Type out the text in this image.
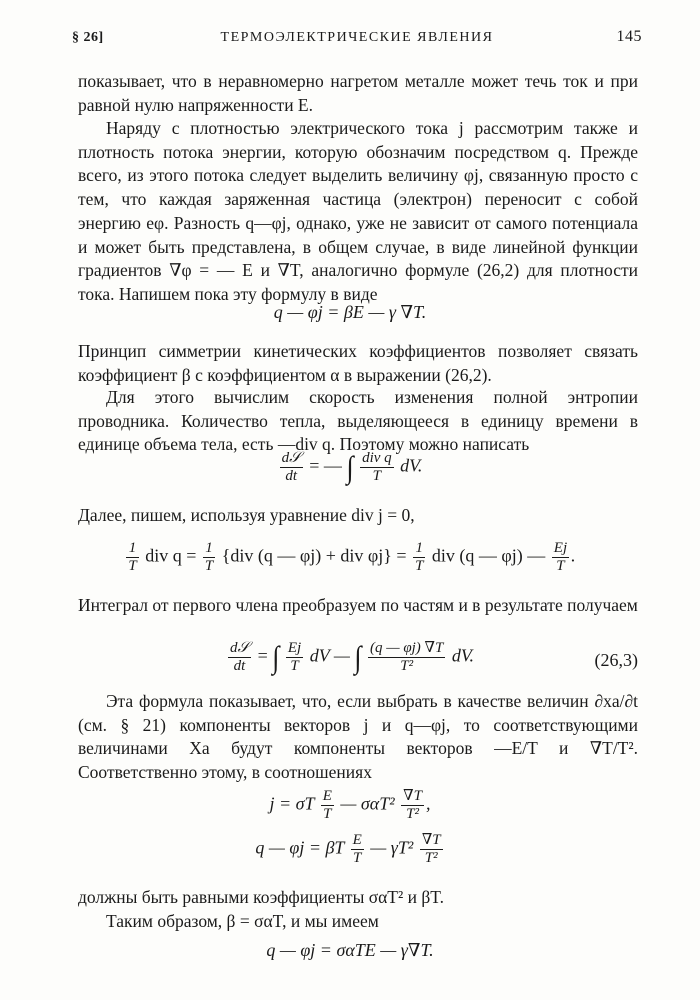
§ 26]	ТЕРМОЭЛЕКТРИЧЕСКИЕ ЯВЛЕНИЯ	145

показывает, что в неравномерно нагретом металле может течь ток и при равной нулю напряженности E.

Наряду с плотностью электрического тока j рассмотрим также и плотность потока энергии, которую обозначим посредством q. Прежде всего, из этого потока следует выделить величину φj, связанную просто с тем, что каждая заряженная частица (электрон) переносит с собой энергию eφ. Разность q—φj, однако, уже не зависит от самого потенциала и может быть представлена, в общем случае, в виде линейной функции градиентов ∇φ = — E и ∇T, аналогично формуле (26,2) для плотности тока. Напишем пока эту формулу в виде

q — φj = βE — γ ∇T.

Принцип симметрии кинетических коэффициентов позволяет связать коэффициент β с коэффициентом α в выражении (26,2).

Для этого вычислим скорость изменения полной энтропии проводника. Количество тепла, выделяющееся в единицу времени в единице объема тела, есть —div q. Поэтому можно написать

$\frac{\text{d𝒮}}{dt}$ = — ∫ $\frac{\text{div q}}{T}$ dV.

Далее, пишем, используя уравнение div j = 0,

$\frac{1}{T}$ div $q = \frac{1}{T} \{div$ (q — φj) + div $\varphi j\} = \frac{1}{T}$ div (q — φj) — $\frac{Ej}{T}$ .

Интеграл от первого члена преобразуем по частям и в результате получаем

$\frac{\text{d𝒮}}{dt}$ = ∫ $\frac{Ej}{T}$ dV — ∫ $\frac{(q — \varphi j) \nabla T}{\text{T²}}$ dV.	(26,3)

Эта формула показывает, что, если выбрать в качестве величин ∂xa/∂t (см. § 21) компоненты векторов j и q—φj, то соответствующими величинами Xa будут компоненты векторов —E/T и ∇T/T². Соответственно этому, в соотношениях

j = σT $\frac{E}{T}$ — $\sigma\alpha T^2 \frac{\nabla T}{\text{T²}}$ ,
q — φj = βT $\frac{E}{T}$ — $\gamma T^2 \frac{\nabla T}{\text{T²}}$

должны быть равными коэффициенты σαT² и βT.

Таким образом, β = σαT, и мы имеем

q — φj = σαTE — γ∇T.
